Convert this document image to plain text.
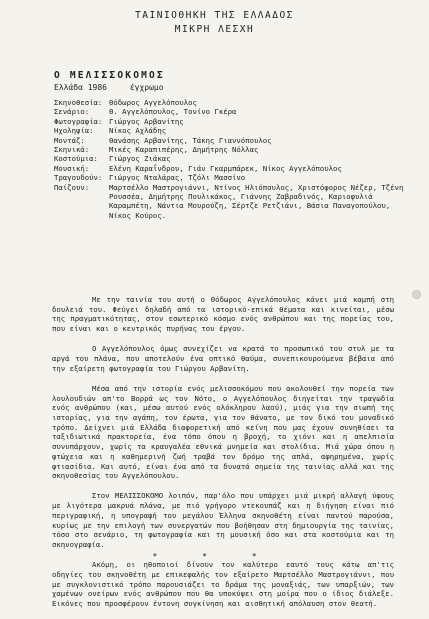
ΤΑΙΝΙΟΘΗΚΗ ΤΗΣ ΕΛΛΑΔΟΣ
ΜΙΚΡΗ ΛΕΣΧΗ
Ο ΜΕΛΙΣΣΟΚΟΜΟΣ
Ελλάδα 1986	έγχρωμο
Σκηνοθεσία: Θόδωρος Αγγελόπουλος
Σενάριο:	Θ. Αγγελόπουλος, Τονίνο Γκέρα
Φωτογραφία: Γιώργος Αρβανίτης
Ηχοληψία:	Νίκος Αχλάδης
Μοντάζ:	Θανάσης Αρβανίτης, Τάκης Γιαννόπουλος
Σκηνικά:	Μικές Καραπιπέρης, Δημήτρης Νόλλας
Κοστούμια:	Γιώργος Ζιάκας
Μουσική:	Ελένη Καραΐνδρου, Γιάν Γκαρμπάρεκ, Νίκος Αγγελόπουλος
Τραγουδούν: Γιώργος Νταλάρας, Τζόλι Μασσίνο
Παίζουν:	Μαρτσέλλο Μαστρογιάννι, Ντίνος Ηλιόπουλος, Χριστόφορος Νέζερ, Τζένη Ρουσσέα, Δημήτρης Πουλικάκος, Γιάννης Ζαβραδινός, Καριοφυλιά Καραμπέτη, Νάντια Μουρούζη, Σέρτζε Ρετζιάνι, Βάσια Παναγοπούλου, Νίκος Κούρος.

Με την ταινία του αυτή ο Θόδωρος Αγγελόπουλος κάνει μιά καμπή στη δουλειά του. Φεύγει δηλαδή από τα ιστορικό-επικά θέματα και κινείται, μέσω της πραγματικότητας, στον εσωτερικό κόσμο ενός ανθρώπου και της πορείας του, που είναι και ο κεντρικός πυρήνας του έργου.

Ο Αγγελόπουλος όμως συνεχίζει να κρατά το προσωπικό του στυλ με τα αργά του πλάνα, που αποτελούν ένα οπτικό θαύμα, συνεπικουρούμενα βέβαια από την εξαίρετη φωτογραφία του Γιώργου Αρβανίτη.

Μέσα από την ιστορία ενός μελισσοκόμου που ακολουθεί την πορεία των λουλουδιών απ'το Βορρά ως τον Νότο, ο Αγγελόπουλος διηγείται την τραγωδία ενός ανθρώπου (και, μέσω αυτού ενός ολόκληρου λαού), μιάς για την σιωπή της ιστορίας, για την αγάπη, τον έρωτα, για τον θάνατο, με τον δικό του μοναδικό τρόπο. Δείχνει μιά Ελλάδα διαφορετική από κείνη που μας έχουν συνηθίσει τα ταξιδιωτικά πρακτορεία, ένα τόπο όπου η βροχή, το χιόνι και η απελπισία συνυπάρχουν, χωρίς τα κραυγαλέα εθνικά μνημεία και στολίδια. Μιά χώρα όπου η φτώχεια και η καθημερινή ζωή τραβά τον δρόμο της απλά, αφηρημένα, χωρίς φτιασίδια. Και αυτό, είναι ένα από τα δυνατά σημεία της ταινίας αλλά και της σκηνοθεσίας του Αγγελόπουλου.

Στον ΜΕΛΙΣΣΟΚΟΜΟ λοιπόν, παρ'όλο που υπάρχει μιά μικρή αλλαγή ύφους με λιγότερα μακρυά πλάνα, με πιό γρήγορο ντεκουπάζ και η διήγηση είναι πιό περιγραφική, η υπογραφή του μεγάλου Έλληνα σκηνοθέτη είναι παντού παρούσα, κυρίως με την επιλογή των συνεργατών που βοήθησαν στη δημιουργία της ταινίας, τόσο στο σενάριο, τη φωτογραφία και τη μουσική όσο και στα κοστούμια και τη σκηνογραφία.

Ακόμη, οι ηθοποιοί δίνουν τον καλύτερο εαυτό τους κάτω απ'τις οδηγίες του σκηνοθέτη με επικεφαλής τον εξαίρετο Μαρτσέλλο Μαστρογιάννι, που με συγκλονιστικό τρόπο παρουσιάζει το δράμα της μοναξιάς, των υπαρξιών, των χαμένων ονείρων ενός ανθρώπου που θα υποκύψει στη μοίρα που ο ίδιος διάλεξε. Εικόνες που προσφέρουν έντονη συγκίνηση και αισθητική απόλαυση στον θεατή.

* * *
